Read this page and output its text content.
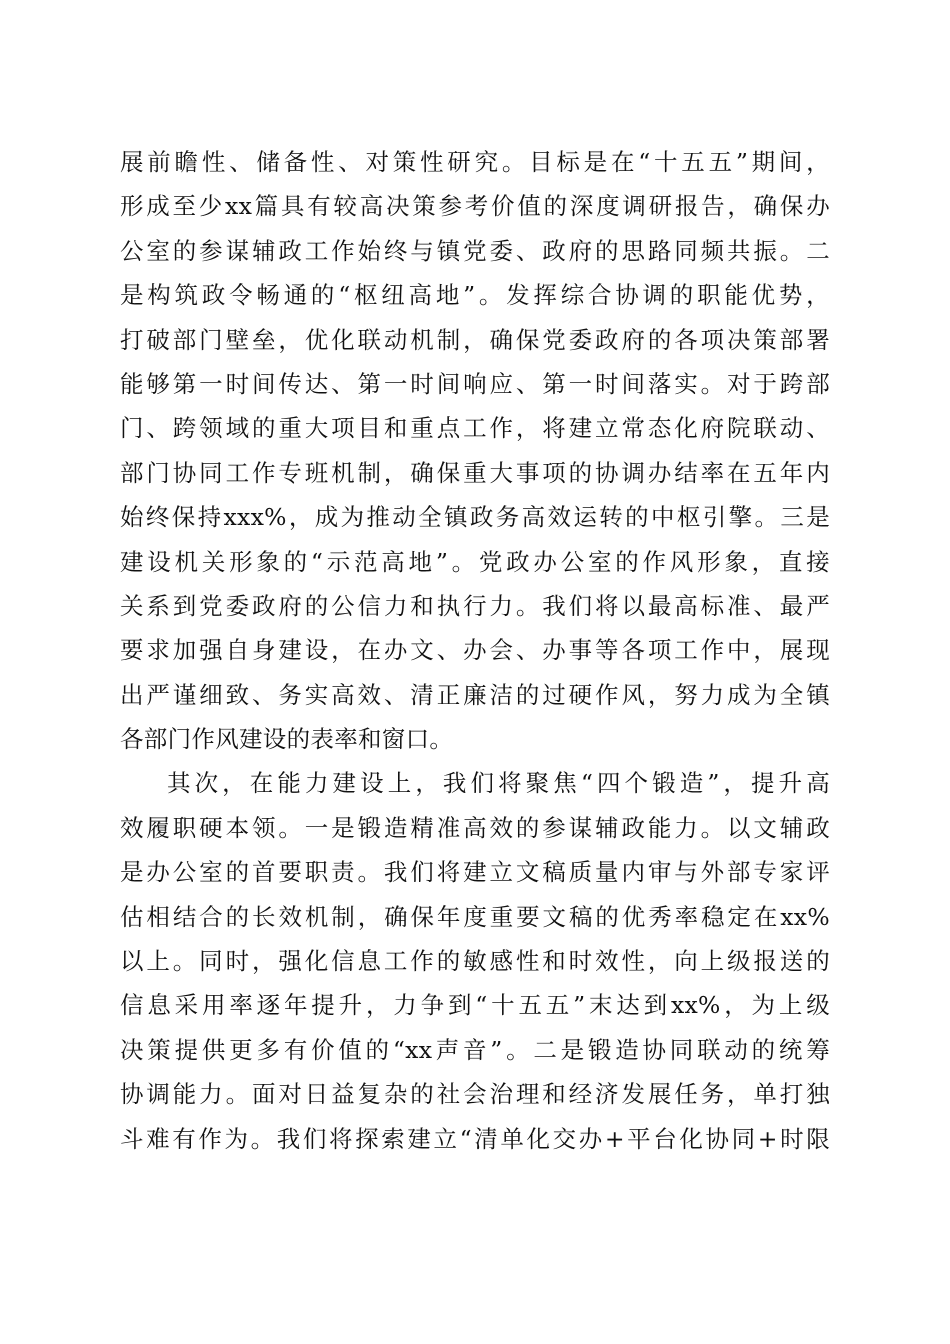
展前瞻性、储备性、对策性研究。目标是在“十五五”期间，
形成至少xx篇具有较高决策参考价值的深度调研报告，确保办
公室的参谋辅政工作始终与镇党委、政府的思路同频共振。二
是构筑政令畅通的“枢纽高地”。发挥综合协调的职能优势，
打破部门壁垒，优化联动机制，确保党委政府的各项决策部署
能够第一时间传达、第一时间响应、第一时间落实。对于跨部
门、跨领域的重大项目和重点工作，将建立常态化府院联动、
部门协同工作专班机制，确保重大事项的协调办结率在五年内
始终保持xxx%，成为推动全镇政务高效运转的中枢引擎。三是
建设机关形象的“示范高地”。党政办公室的作风形象，直接
关系到党委政府的公信力和执行力。我们将以最高标准、最严
要求加强自身建设，在办文、办会、办事等各项工作中，展现
出严谨细致、务实高效、清正廉洁的过硬作风，努力成为全镇
各部门作风建设的表率和窗口。
其次，在能力建设上，我们将聚焦“四个锻造”，提升高
效履职硬本领。一是锻造精准高效的参谋辅政能力。以文辅政
是办公室的首要职责。我们将建立文稿质量内审与外部专家评
估相结合的长效机制，确保年度重要文稿的优秀率稳定在xx%
以上。同时，强化信息工作的敏感性和时效性，向上级报送的
信息采用率逐年提升，力争到“十五五”末达到xx%，为上级
决策提供更多有价值的“xx声音”。二是锻造协同联动的统筹
协调能力。面对日益复杂的社会治理和经济发展任务，单打独
斗难有作为。我们将探索建立“清单化交办+平台化协同+时限
